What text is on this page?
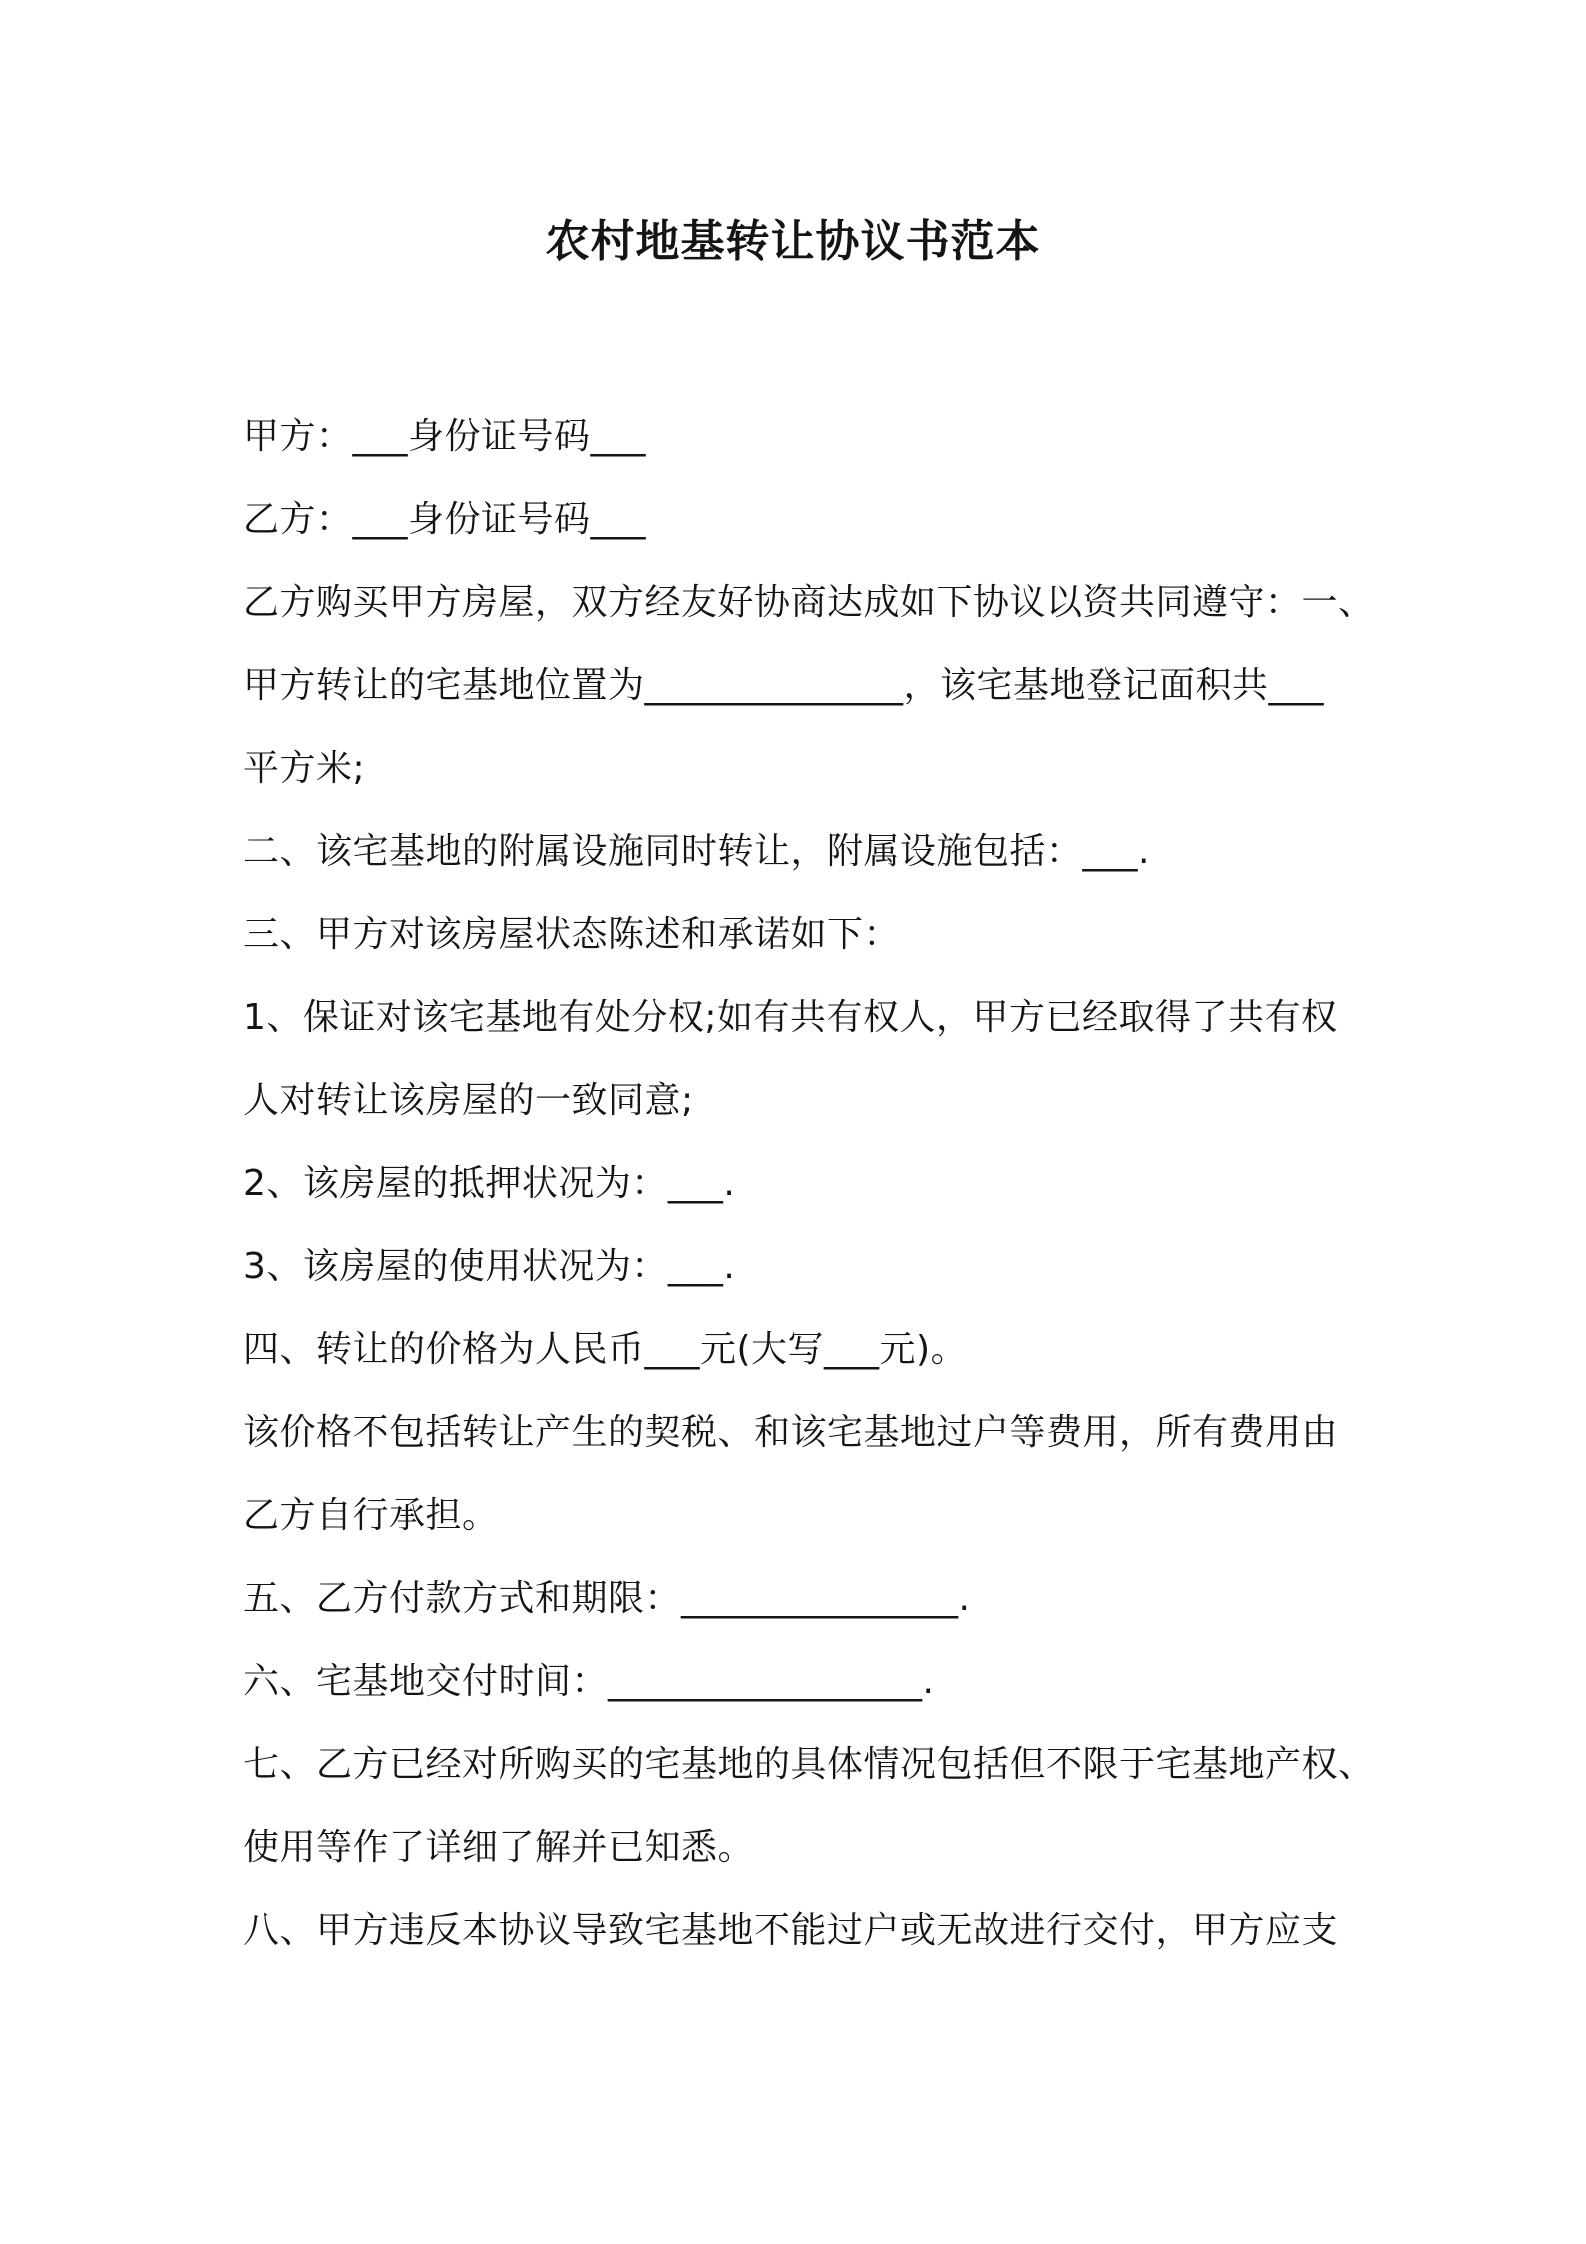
农村地基转让协议书范本

甲方：___身份证号码___

乙方：___身份证号码___

乙方购买甲方房屋，双方经友好协商达成如下协议以资共同遵守：一、

甲方转让的宅基地位置为______________，该宅基地登记面积共___

平方米;

二、该宅基地的附属设施同时转让，附属设施包括：___.

三、甲方对该房屋状态陈述和承诺如下：

1、保证对该宅基地有处分权;如有共有权人，甲方已经取得了共有权

人对转让该房屋的一致同意;

2、该房屋的抵押状况为：___.

3、该房屋的使用状况为：___.

四、转让的价格为人民币___元(大写___元)。

该价格不包括转让产生的契税、和该宅基地过户等费用，所有费用由

乙方自行承担。

五、乙方付款方式和期限：_______________.

六、宅基地交付时间：_________________.

七、乙方已经对所购买的宅基地的具体情况包括但不限于宅基地产权、

使用等作了详细了解并已知悉。

八、甲方违反本协议导致宅基地不能过户或无故进行交付，甲方应支
